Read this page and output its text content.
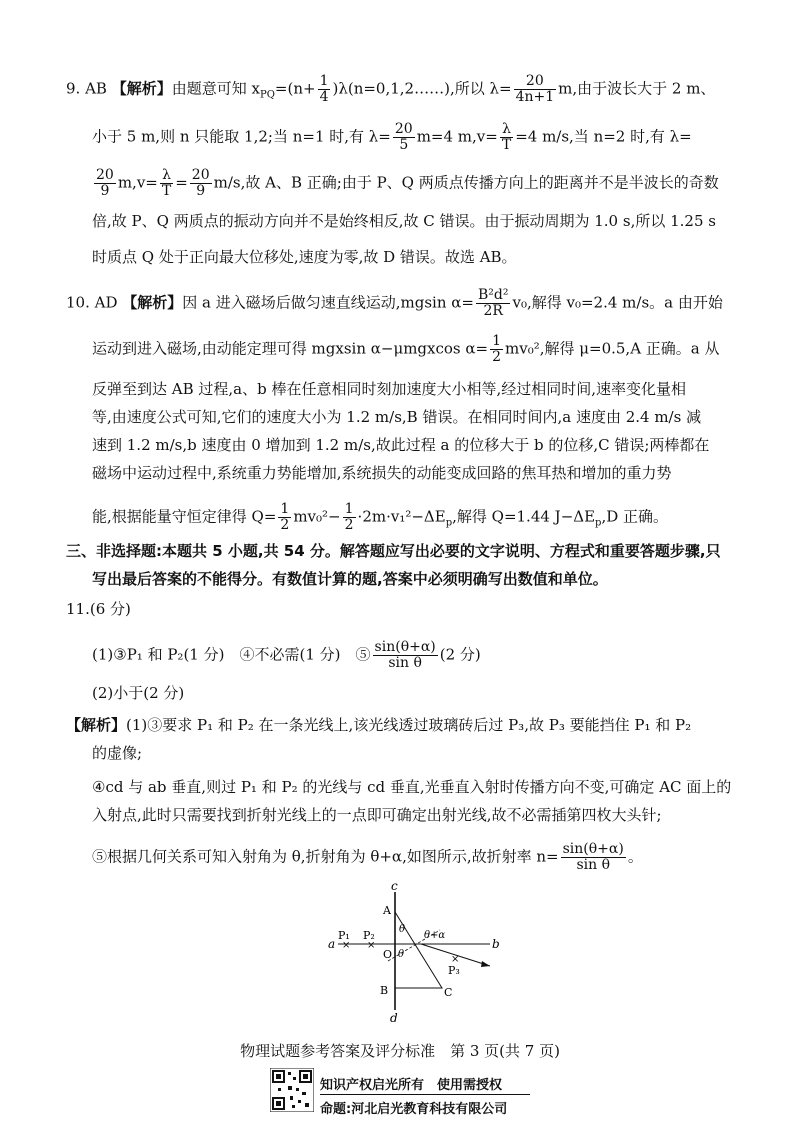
9. AB 【解析】由题意可知 $x_{PQ}=(n+ \frac{1}{4}$ )λ(n=0,1,2……),所以 $\lambda= \frac{20}{4n+1} m$,由于波长大于 2 m、
小于 5 m,则 n 只能取 1,2;当 n=1 时,有 $\lambda= \frac{20}{5} m=4$ $m,v= \frac{\lambda}{T} =4$ m/s,当 n=2 时,有 λ=
$\frac{20}{9} m,v= \frac{\lambda}{T} = \frac{20}{9} m/s$,故 A、B 正确;由于 P、Q 两质点传播方向上的距离并不是半波长的奇数
倍,故 P、Q 两质点的振动方向并不是始终相反,故 C 错误。由于振动周期为 1.0 s,所以 1.25 s
时质点 Q 处于正向最大位移处,速度为零,故 D 错误。故选 AB。
10. AD 【解析】因 a 进入磁场后做匀速直线运动,mgsin $\alpha= \frac{\text{B²d²}}{2R} v_0$,解得 v₀=2.4 m/s。a 由开始
运动到进入磁场,由动能定理可得 mgxsin α−μmgxcos $\alpha= \frac{1}{2} mv_0^2$,解得 μ=0.5,A 正确。a 从
反弹至到达 AB 过程,a、b 棒在任意相同时刻加速度大小相等,经过相同时间,速率变化量相
等,由速度公式可知,它们的速度大小为 1.2 m/s,B 错误。在相同时间内,a 速度由 2.4 m/s 减
速到 1.2 m/s,b 速度由 0 增加到 1.2 m/s,故此过程 a 的位移大于 b 的位移,C 错误;两棒都在
磁场中运动过程中,系统重力势能增加,系统损失的动能变成回路的焦耳热和增加的重力势
能,根据能量守恒定律得 $Q= \frac{1}{2} mv_0^2- \frac{1}{2} \cdot 2m\cdot v_1^2-\Delta E_p$,解得 Q=1.44 $J-\Delta E_p,D$ 正确。
三、非选择题:本题共 5 小题,共 54 分。解答题应写出必要的文字说明、方程式和重要答题步骤,只
写出最后答案的不能得分。有数值计算的题,答案中必须明确写出数值和单位。
11.(6 分)
(1)③P₁ 和 P₂(1 分)　 ④不必需(1 分)　 ⑤ $\frac{\sin(\theta+\alpha)}{\text{sin θ}} (2$ 分)
(2)小于(2 分)
【解析】(1)③要求 P₁ 和 P₂ 在一条光线上,该光线透过玻璃砖后过 P₃,故 P₃ 要能挡住 P₁ 和 P₂
的虚像;
④cd 与 ab 垂直,则过 P₁ 和 P₂ 的光线与 cd 垂直,光垂直入射时传播方向不变,可确定 AC 面上的
入射点,此时只需要找到折射光线上的一点即可确定出射光线,故不必需插第四枚大头针;
⑤根据几何关系可知入射角为 θ,折射角为 θ+α,如图所示,故折射率 $n= \frac{\sin(\theta+\alpha)}{\text{sin θ}}$ 。
× ×
×
c
d
a	b
A
B	C
O
P₁ P₂
P₃
θ
θ
θ+α
物理试题参考答案及评分标准　第 3 页(共 7 页)
知识产权启光所有　使用需授权
命题:河北启光教育科技有限公司
